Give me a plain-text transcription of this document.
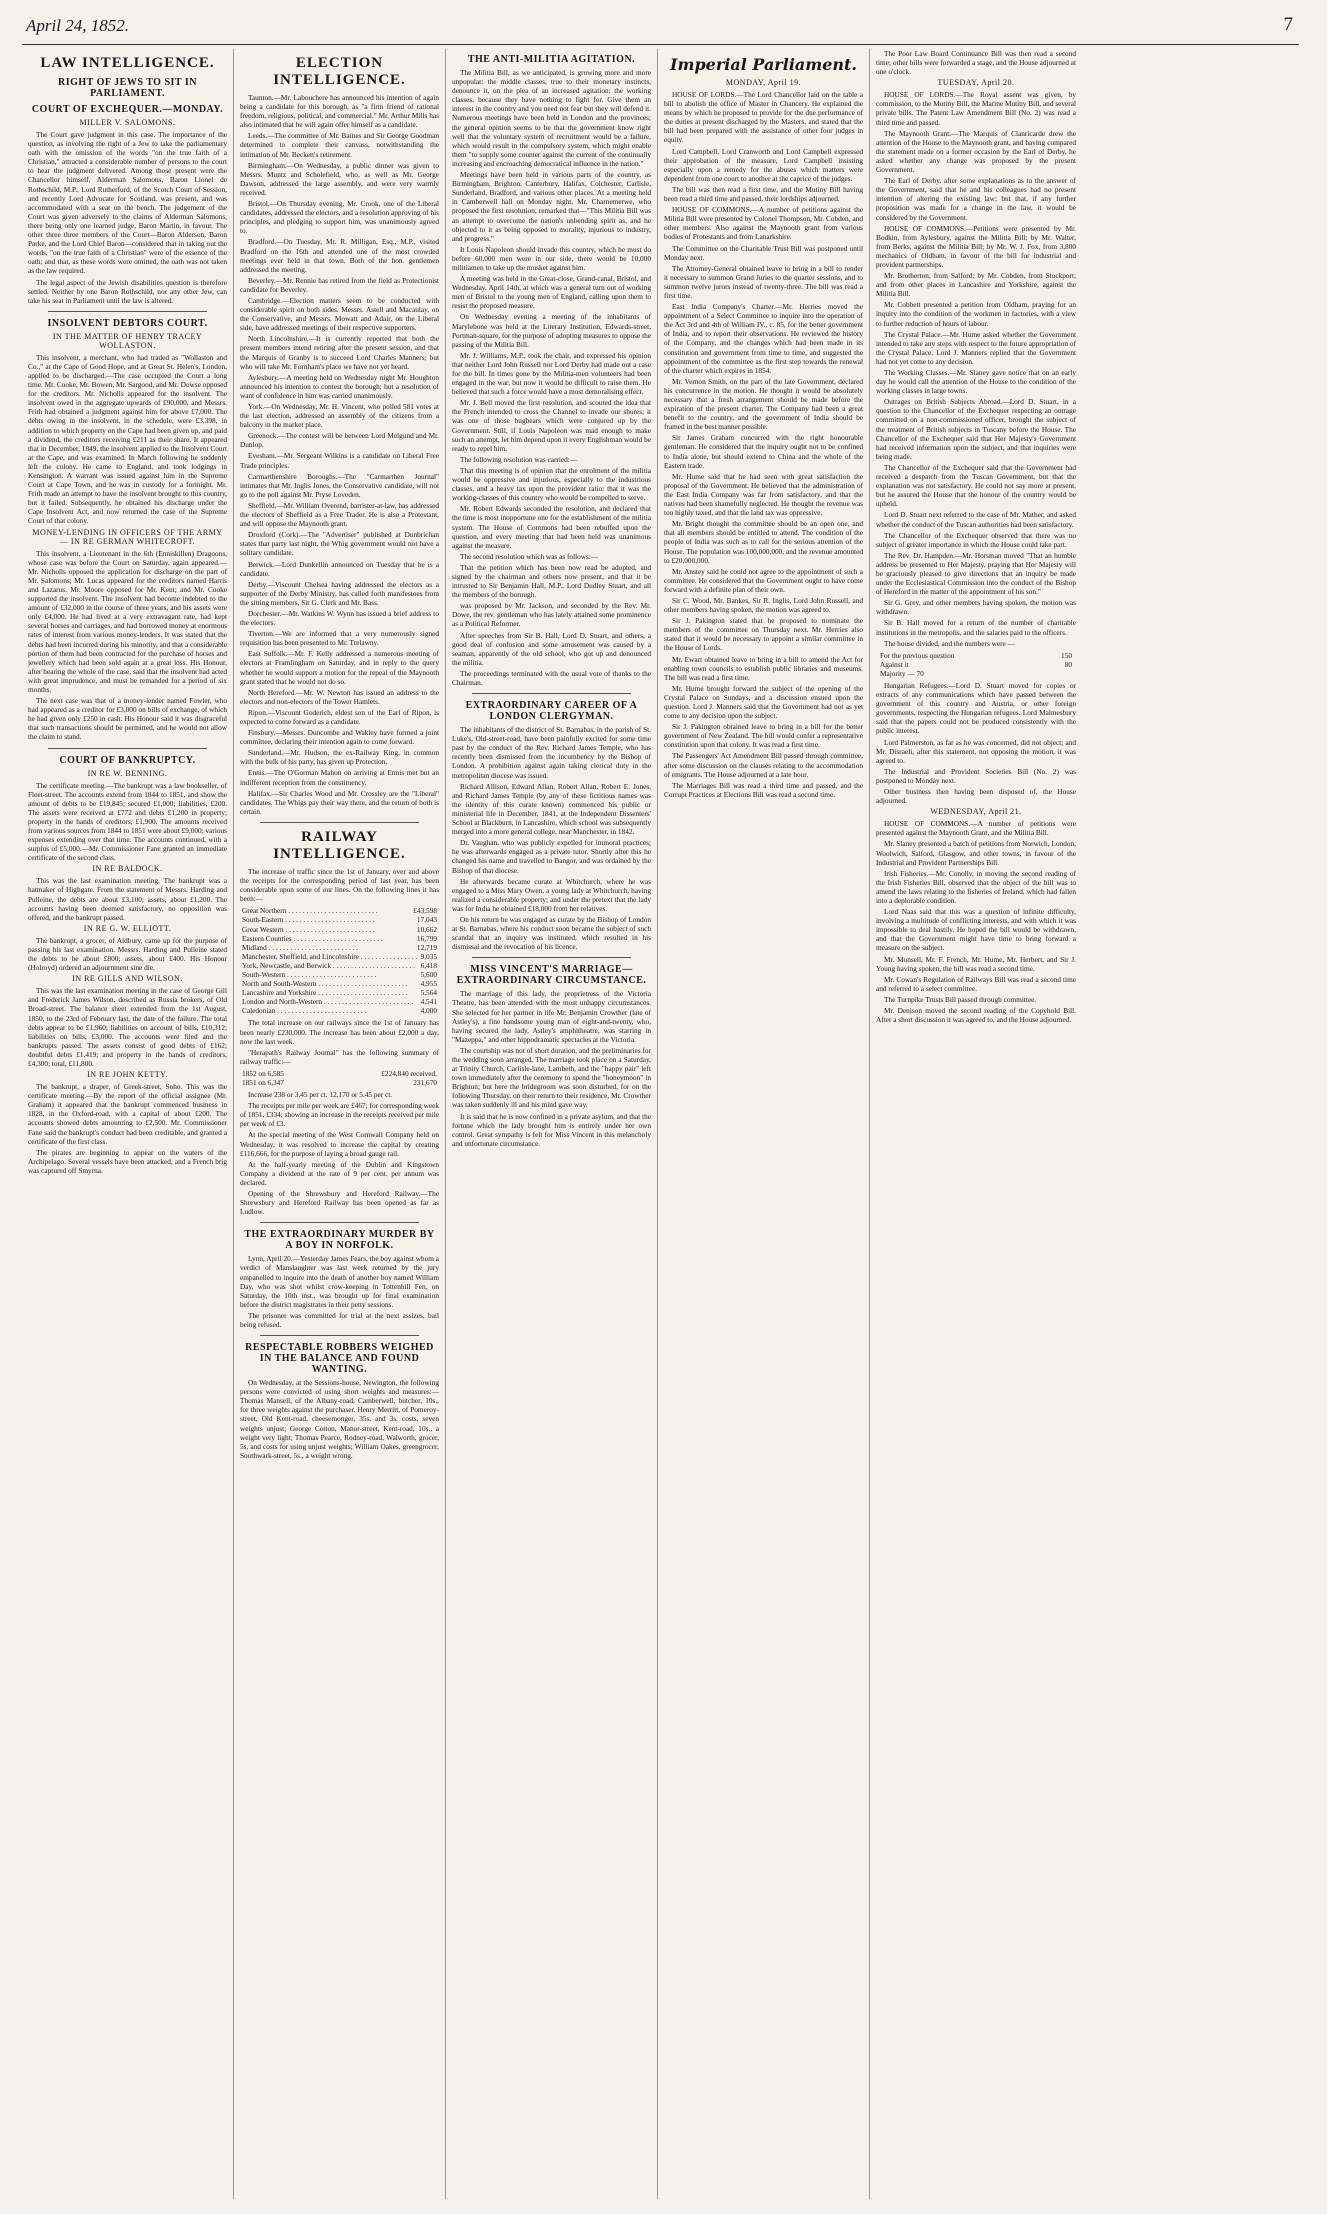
April 24, 1852.	7
LAW INTELLIGENCE.
RIGHT OF JEWS TO SIT IN PARLIAMENT.
COURT OF EXCHEQUER.—MONDAY.
MILLER V. SALOMONS.

The Court gave judgment in this case. The importance of the question, as involving the right of a Jew to take the parliamentary oath with the omission of the words "on the true faith of a Christian," attracted a considerable number of persons to the court to hear the judgment delivered. Among those present were the Chancellor himself, Alderman Salomons, Baron Lionel de Rothschild, M.P., Lord Rutherfurd, of the Scotch Court of Session, and recently Lord Advocate for Scotland, was present, and was accommodated with a seat on the bench. The judgement of the Court was given adversely to the claims of Alderman Salomons, there being only one learned judge, Baron Martin, in favour. The other three three members of the Court—Baron Alderson, Baron Parke, and the Lord Chief Baron—considered that in taking out the words, "on the true faith of a Christian" were of the essence of the oath; and that, as these words were omitted, the oath was not taken as the law required.

The legal aspect of the Jewish disabilities question is therefore settled. Neither by one Baron Rothschild, nor any other Jew, can take his seat in Parliament until the law is altered.

INSOLVENT DEBTORS COURT.
IN THE MATTER OF HENRY TRACEY WOLLASTON.

This insolvent, a merchant, who had traded as "Wollaston and Co.," at the Cape of Good Hope, and at Great St. Helen's, London, applied to be discharged.—The case occupied the Court a long time. Mr. Cooke, Mr. Bowen, Mr. Sargood, and Mr. Dowse opposed for the creditors. Mr. Nicholls appeared for the insolvent. The insolvent owed in the aggregate upwards of £90,000, and Messrs. Frith had obtained a judgment against him for above £7,000. The debts owing in the insolvent, in the schedule, were £3,398, in addition to which property on the Cape had been given up, and paid a dividend, the creditors receiving £211 as their share. It appeared that in December, 1849, the insolvent applied to the Insolvent Court at the Cape, and was examined. In March following he suddenly left the colony. He came to England, and took lodgings in Kensington. A warrant was issued against him in the Supreme Court at Cape Town, and he was in custody for a fortnight. Mr. Frith made an attempt to have the insolvent brought to this country, but it failed. Subsequently, he obtained his discharge under the Cape Insolvent Act, and now returned the case of the Supreme Court of that colony.

MONEY-LENDING IN OFFICERS OF THE ARMY — IN RE GERMAN WHITECROFT.

This insolvent, a Lieutenant in the 6th (Enniskillen) Dragoons, whose case was before the Court on Saturday, again appeared.—Mr. Nicholls opposed the application for discharge on the part of Mr. Salomons; Mr. Lucas appeared for the creditors named Harris and Lazarus. Mr. Moore opposed for Mr. Kent; and Mr. Cooke supported the insolvent. The insolvent had become indebted to the amount of £32,000 in the course of three years, and his assets were only £4,000. He had lived at a very extravagant rate, had kept several horses and carriages, and had borrowed money at enormous rates of interest from various money-lenders. It was stated that the debts had been incurred during his minority, and that a considerable portion of them had been contracted for the purchase of horses and jewellery which had been sold again at a great loss. His Honour, after hearing the whole of the case, said that the insolvent had acted with great imprudence, and must be remanded for a period of six months.

The next case was that of a money-lender named Fowler, who had appeared as a creditor for £3,000 on bills of exchange, of which he had given only £250 in cash. His Honour said it was disgraceful that such transactions should be permitted, and he would not allow the claim to stand.

COURT OF BANKRUPTCY.
IN RE W. BENNING.

The certificate meeting.—The bankrupt was a law bookseller, of Fleet-street. The accounts extend from 1844 to 1851, and show the amount of debts to be £19,845; secured £1,000; liabilities, £200. The assets were received at £772 and debts £1,200 in property; property in the hands of creditors, £1,900. The amounts received from various sources from 1844 to 1851 were about £9,000; various expenses extending over that time. The accounts continued, with a surplus of £5,000.—Mr. Commissioner Fane granted an immediate certificate of the second class.

IN RE BALDOCK.

This was the last examination meeting. The bankrupt was a hatmaker of Highgate. From the statement of Messrs. Harding and Pulleine, the debts are about £3,100; assets, about £1,200. The accounts having been deemed satisfactory, no opposition was offered, and the bankrupt passed.

IN RE G. W. ELLIOTT.

The bankrupt, a grocer, of Aldbury, came up for the purpose of passing his last examination. Messrs. Harding and Pulleine stated the debts to be about £800; assets, about £400. His Honour (Holroyd) ordered an adjournment sine die.

IN RE GILLS AND WILSON.

This was the last examination meeting in the case of George Gill and Frederick James Wilson, described as Russia brokers, of Old Broad-street. The balance sheet extended from the 1st August, 1850, to the 23rd of February last, the date of the failure. The total debts appear to be £1,960; liabilities on account of bills, £10,312; liabilities on bills, £3,000. The accounts were filed and the bankrupts passed. The assets consist of good debts of £162; doubtful debts £1,419; and property in the hands of creditors, £4,300; total, £11,800.

IN RE JOHN KETTY.

The bankrupt, a draper, of Greek-street, Soho. This was the certificate meeting.—By the report of the official assignee (Mr. Graham) it appeared that the bankrupt commenced business in 1828, in the Oxford-road, with a capital of about £200. The accounts showed debts amounting to £2,500. Mr. Commissioner Fane said the bankrupt's conduct had been creditable, and granted a certificate of the first class.

The pirates are beginning to appear on the waters of the Archipelago. Several vessels have been attacked, and a French brig was captured off Smyrna.

ELECTION INTELLIGENCE.

Taunton.—Mr. Labouchere has announced his intention of again being a candidate for this borough, as "a firm friend of rational freedom, religious, political, and commercial." Mr. Arthur Mills has also intimated that he will again offer himself as a candidate.

Leeds.—The committee of Mr. Baines and Sir George Goodman determined to complete their canvass, notwithstanding the intimation of Mr. Beckett's retirement.

Birmingham.—On Wednesday, a public dinner was given to Messrs. Muntz and Scholefield, who, as well as Mr. George Dawson, addressed the large assembly, and were very warmly received.

Bristol.—On Thursday evening, Mr. Crook, one of the Liberal candidates, addressed the electors, and a resolution approving of his principles, and pledging to support him, was unanimously agreed to.

Bradford.—On Tuesday, Mr. R. Milligan, Esq., M.P., visited Bradford on the 16th and attended one of the most crowded meetings ever held in that town. Both of the hon. gentlemen addressed the meeting.

Beverley.—Mr. Rennie has retired from the field as Protectionist candidate for Beverley.

Cambridge.—Election matters seem to be conducted with considerable spirit on both sides. Messrs. Astell and Macaulay, on the Conservative, and Messrs. Mowatt and Adair, on the Liberal side, have addressed meetings of their respective supporters.

North Lincolnshire.—It is currently reported that both the present members intend retiring after the present session, and that the Marquis of Granby is to succeed Lord Charles Manners; but who will take Mr. Fornham's place we have not yet heard.

Aylesbury.—A meeting held on Wednesday night Mr. Houghton announced his intention to contest the borough; but a resolution of want of confidence in him was carried unanimously.

York.—On Wednesday, Mr. H. Vincent, who polled 581 votes at the last election, addressed an assembly of the citizens from a balcony in the market place.

Greenock.—The contest will be between Lord Melgund and Mr. Dunlop.

Evesham.—Mr. Sergeant Wilkins is a candidate on Liberal Free Trade principles.

Carmarthenshire Boroughs.—The "Carmarthen Journal" intimates that Mr. Inglis Jones, the Conservative candidate, will not go to the poll against Mr. Pryse Loveden.

Sheffield.—Mr. William Overend, barrister-at-law, has addressed the electors of Sheffield as a Free Trader. He is also a Protestant, and will oppose the Maynooth grant.

Droxford (Cork).—The "Advertiser" published at Dunbrichan states that party last night, the Whig government would not have a solitary candidate.

Berwick.—Lord Dunkellin announced on Tuesday that he is a candidate.

Derby.—Viscount Chelsea having addressed the electors as a supporter of the Derby Ministry, has called forth manifestoes from the sitting members, Sir G. Clerk and Mr. Bass.

Dorchester.—Mr. Watkins W. Wynn has issued a brief address to the electors.

Tiverton.—We are informed that a very numerously signed requisition has been presented to Mr. Trelawny.

East Suffolk.—Mr. F. Kelly addressed a numerous meeting of electors at Framlingham on Saturday, and in reply to the query whether he would support a motion for the repeal of the Maynooth grant stated that he would not do so.

North Hereford.—Mr. W. Newton has issued an address to the electors and non-electors of the Tower Hamlets.

Ripon.—Viscount Goderich, eldest son of the Earl of Ripon, is expected to come forward as a candidate.

Finsbury.—Messrs. Duncombe and Wakley have formed a joint committee, declaring their intention again to come forward.

Sunderland.—Mr. Hudson, the ex-Railway King, in common with the bulk of his party, has given up Protection.

Ennis.—The O'Gorman Mahon on arriving at Ennis met but an indifferent reception from the constituency.

Halifax.—Sir Charles Wood and Mr. Crossley are the "Liberal" candidates. The Whigs pay their way there, and the return of both is certain.

RAILWAY INTELLIGENCE.

The increase of traffic since the 1st of January, over and above the receipts for the corresponding period of last year, has been considerable upon some of our lines. On the following lines it has been:—

Great Northern . . .	£43,598
South-Eastern . . .	17,043
Great Western . . .	10,662
Eastern Counties . . .	16,799
Midland . . .	12,719
Manchester, Sheffield, and Lincolnshire . . .	9,035
York, Newcastle, and Berwick . . .	6,418
South-Western . . .	5,600
North and South-Western . . .	4,955
Lancashire and Yorkshire . . .	5,564
London and North-Western . . .	4,541
Caledonian . . .	4,000

The total increase on our railways since the 1st of January has been nearly £230,000. The increase has been about £2,000 a day, now the last week.

"Herapath's Railway Journal" has the following summary of railway traffic:—

1852 on 6,585	£224,840 received.
1851 on 6,347	231,670

Increase 238 or 3.45 per ct. 12,170 or 5.45 per ct.

The receipts per mile per week are £467; for corresponding week of 1851, £334; showing an increase in the receipts received per mile per week of £3.

At the special meeting of the West Cornwall Company held on Wednesday, it was resolved to increase the capital by creating £116,666, for the purpose of laying a broad gauge rail.

At the half-yearly meeting of the Dublin and Kingstown Company a dividend at the rate of 9 per cent. per annum was declared.

Opening of the Shrewsbury and Hereford Railway.—The Shrewsbury and Hereford Railway has been opened as far as Ludlow.

THE EXTRAORDINARY MURDER BY A BOY IN NORFOLK.

Lynn, April 20.—Yesterday James Fears, the boy against whom a verdict of Manslaughter was last week returned by the jury empanelled to inquire into the death of another boy named William Day, who was shot whilst crow-keeping in Tottenhill Fen, on Saturday, the 10th inst., was brought up for final examination before the district magistrates in their petty sessions.

The prisoner was committed for trial at the next assizes, bail being refused.

RESPECTABLE ROBBERS WEIGHED IN THE BALANCE AND FOUND WANTING.

On Wednesday, at the Sessions-house, Newington, the following persons were convicted of using short weights and measures:—Thomas Mansell, of the Albany-road, Camberwell, butcher, 10s., for three weights against the purchaser. Henry Merritt, of Pomeroy-street, Old Kent-road, cheesemonger, 35s. and 3s. costs, seven weights unjust; George Cotton, Manor-street, Kent-road, 10s., a weight very light; Thomas Pearce, Rodney-road, Walworth, grocer, 5s. and costs for using unjust weights; William Oakes, greengrocer, Southwark-street, 5s., a weight wrong.

THE ANTI-MILITIA AGITATION.

The Militia Bill, as we anticipated, is growing more and more unpopular: the middle classes, true to their monetary instincts, denounce it, on the plea of an increased agitation; the working classes, because they have nothing to fight for. Give them an interest in the country and you need not fear but they will defend it. Numerous meetings have been held in London and the provinces; the general opinion seems to be that the government know right well that the voluntary system of recruitment would be a failure, which would result in the compulsory system, which might enable them "to supply some counter against the current of the continually increasing and encroaching democratical influence in the nation."

Meetings have been held in various parts of the country, as Birmingham, Brighton, Canterbury, Halifax, Colchester, Carlisle, Sunderland, Bradford, and various other places. At a meeting held in Camberwell hall on Monday night, Mr. Charnemerwe, who proposed the first resolution, remarked that—"This Militia Bill was an attempt to overcome the nation's unbending spirit as, and he objected to it as being opposed to morality, injurious to industry, and progress."

It Louis Napoleon should invade this country, which he must do before 60,000 men were in our side, there would be 10,000 militiamen to take up the musket against him.

A meeting was held in the Great-close, Grand-canal, Bristol, and Wednesday, April 14th, at which was a general turn out of working men of Bristol to the young men of England, calling upon them to resist the proposed measure.

On Wednesday evening a meeting of the inhabitants of Marylebone was held at the Literary Institution, Edwards-street, Portman-square, for the purpose of adopting measures to oppose the passing of the Militia Bill.

Mr. J. Williams, M.P., took the chair, and expressed his opinion that neither Lord John Russell nor Lord Derby had made out a case for the bill. In times gone by the Militia-men volunteers had been engaged in the war, but now it would be difficult to raise them. He believed that such a force would have a most demoralising effect.

Mr. J. Bell moved the first resolution, and scouted the idea that the French intended to cross the Channel to invade our shores; it was one of those bugbears which were conjured up by the Government. Still, if Louis Napoleon was mad enough to make such an attempt, let him depend upon it every Englishman would be ready to repel him.

The following resolution was carried:—

That this meeting is of opinion that the enrolment of the militia would be oppressive and injurious, especially to the industrious classes, and a heavy tax upon the provident ratio: that it was the working-classes of this country who would be compelled to serve.

Mr. Robert Edwards seconded the resolution, and declared that the time is most inopportune one for the establishment of the militia system. The House of Commons had been rebuffed upon the question, and every meeting that had been held was unanimous against the measure.

The second resolution which was as follows:—

That the petition which has been now read be adopted, and signed by the chairman and others now present, and that it be intrusted to Sir Benjamin Hall, M.P., Lord Dudley Stuart, and all the members of the borough.

was proposed by Mr. Jackson, and seconded by the Rev. Mr. Dowe, the rev. gentleman who has lately attained some prominence as a Political Reformer.

After speeches from Sir B. Hall, Lord D. Stuart, and others, a good deal of confusion and some amusement was caused by a seaman, apparently of the old school, who got up and denounced the militia.

The proceedings terminated with the usual vote of thanks to the Chairman.

EXTRAORDINARY CAREER OF A LONDON CLERGYMAN.

The inhabitants of the district of St. Barnabas, in the parish of St. Luke's, Old-street-road, have been painfully excited for some time past by the conduct of the Rev. Richard James Temple, who has recently been dismissed from the incumbency by the Bishop of London. A prohibition against again taking clerical duty in the metropolitan diocese was issued.

Richard Allison, Edward Allan, Robert Allan, Robert E. Jones, and Richard James Temple (by any of these fictitious names was the identity of this curate known) commenced his public or ministerial life in December, 1841, at the Independent Dissenters' School at Blackburn, in Lancashire, which school was subsequently merged into a more general college, near Manchester, in 1842.

Dr. Vaughan, who was publicly expelled for immoral practices; he was afterwards engaged as a private tutor. Shortly after this he changed his name and travelled to Bangor, and was ordained by the Bishop of that diocese.

He afterwards became curate at Whitchurch, where he was engaged to a Miss Mary Owen, a young lady at Whitchurch, having realized a considerable property; and under the pretext that the lady was for India he obtained £18,000 from her relatives.

On his return he was engaged as curate by the Bishop of London at St. Barnabas, where his conduct soon became the subject of such scandal that an inquiry was instituted, which resulted in his dismissal and the revocation of his licence.

MISS VINCENT'S MARRIAGE—EXTRAORDINARY CIRCUMSTANCE.

The marriage of this lady, the proprietress of the Victoria Theatre, has been attended with the most unhappy circumstances. She selected for her partner in life Mr. Benjamin Crowther (late of Astley's), a fine handsome young man of eight-and-twenty, who, having secured the lady, Astley's amphitheatre, was starring in "Mazeppa," and other hippodramatic spectacles at the Victoria.

The courtship was not of short duration, and the preliminaries for the wedding soon arranged. The marriage took place on a Saturday, at Trinity Church, Carlisle-lane, Lambeth, and the "happy pair" left town immediately after the ceremony to spend the "honeymoon" in Brighton; but here the bridegroom was soon disturbed, for on the following Thursday, on their return to their residence, Mr. Crowther was taken suddenly ill and his mind gave way.

It is said that he is now confined in a private asylum, and that the fortune which the lady brought him is entirely under her own control. Great sympathy is felt for Miss Vincent in this melancholy and unfortunate circumstance.

Imperial Parliament.
MONDAY, April 19.

HOUSE OF LORDS.—The Lord Chancellor laid on the table a bill to abolish the office of Master in Chancery. He explained the means by which he proposed to provide for the due performance of the duties at present discharged by the Masters, and stated that the bill had been prepared with the assistance of other four judges in equity.

Lord Campbell, Lord Cranworth and Lord Campbell expressed their approbation of the measure, Lord Campbell insisting especially upon a remedy for the abuses which matters were dependent from one court to another at the caprice of the judges.

The bill was then read a first time, and the Mutiny Bill having been read a third time and passed, their lordships adjourned.

HOUSE OF COMMONS.—A number of petitions against the Militia Bill were presented by Colonel Thompson, Mr. Cobden, and other members. Also against the Maynooth grant from various bodies of Protestants and from Lanarkshire.

The Committee on the Charitable Trust Bill was postponed until Monday next.

The Attorney-General obtained leave to bring in a bill to render it necessary to summon Grand Juries to the quarter sessions, and to summon twelve jurors instead of twenty-three. The bill was read a first time.

East India Company's Charter.—Mr. Herries moved the appointment of a Select Committee to inquire into the operation of the Act 3rd and 4th of William IV., c. 85, for the better government of India, and to report their observations. He reviewed the history of the Company, and the changes which had been made in its constitution and government from time to time, and suggested the appointment of the committee as the first step towards the renewal of the charter which expires in 1854.

Mr. Vernon Smith, on the part of the late Government, declared his concurrence in the motion. He thought it would be absolutely necessary that a fresh arrangement should be made before the expiration of the present charter. The Company had been a great benefit to the country, and the government of India should be framed in the best manner possible.

Sir James Graham concurred with the right honourable gentleman. He considered that the inquiry ought not to be confined to India alone, but should extend to China and the whole of the Eastern trade.

Mr. Hume said that he had seen with great satisfaction the proposal of the Government. He believed that the administration of the East India Company was far from satisfactory, and that the natives had been shamefully neglected. He thought the revenue was too highly taxed, and that the land tax was oppressive.

Mr. Bright thought the committee should be an open one, and that all members should be entitled to attend. The condition of the people of India was such as to call for the serious attention of the House. The population was 100,000,000, and the revenue amounted to £20,000,000.

Mr. Anstey said he could not agree to the appointment of such a committee. He considered that the Government ought to have come forward with a definite plan of their own.

Sir C. Wood, Mr. Bankes, Sir R. Inglis, Lord John Russell, and other members having spoken, the motion was agreed to.

Sir J. Pakington stated that he proposed to nominate the members of the committee on Thursday next. Mr. Herries also stated that it would be necessary to appoint a similar committee in the House of Lords.

Mr. Ewart obtained leave to bring in a bill to amend the Act for enabling town councils to establish public libraries and museums. The bill was read a first time.

Mr. Hume brought forward the subject of the opening of the Crystal Palace on Sundays, and a discussion ensued upon the question. Lord J. Manners said that the Government had not as yet come to any decision upon the subject.

Sir J. Pakington obtained leave to bring in a bill for the better government of New Zealand. The bill would confer a representative constitution upon that colony. It was read a first time.

The Passengers' Act Amendment Bill passed through committee, after some discussion on the clauses relating to the accommodation of emigrants. The House adjourned at a late hour.

The Marriages Bill was read a third time and passed, and the Corrupt Practices at Elections Bill was read a second time.

The Poor Law Board Continuance Bill was then read a second time; other bills were forwarded a stage, and the House adjourned at one o'clock.

TUESDAY, April 20.

HOUSE OF LORDS.—The Royal assent was given, by commission, to the Mutiny Bill, the Marine Mutiny Bill, and several private bills. The Patent Law Amendment Bill (No. 2) was read a third time and passed.

The Maynooth Grant.—The Marquis of Clanricarde drew the attention of the House to the Maynooth grant, and having compared the statement made on a former occasion by the Earl of Derby, he asked whether any change was proposed by the present Government.

The Earl of Derby, after some explanations as to the answer of the Government, said that he and his colleagues had no present intention of altering the existing law; but that, if any further proposition was made for a change in the law, it would be considered by the Government.

HOUSE OF COMMONS.—Petitions were presented by Mr. Bodkin, from Aylesbury, against the Militia Bill; by Mr. Walter, from Berks, against the Militia Bill; by Mr. W. J. Fox, from 3,800 mechanics of Oldham, in favour of the bill for industrial and provident partnerships.

Mr. Brotherton, from Salford; by Mr. Cobden, from Stockport; and from other places in Lancashire and Yorkshire, against the Militia Bill.

Mr. Cobbett presented a petition from Oldham, praying for an inquiry into the condition of the workmen in factories, with a view to further reduction of hours of labour.

The Crystal Palace.—Mr. Hume asked whether the Government intended to take any steps with respect to the future appropriation of the Crystal Palace. Lord J. Manners replied that the Government had not yet come to any decision.

The Working Classes.—Mr. Slaney gave notice that on an early day he would call the attention of the House to the condition of the working classes in large towns.

Outrages on British Subjects Abroad.—Lord D. Stuart, in a question to the Chancellor of the Exchequer respecting an outrage committed on a non-commissioned officer, brought the subject of the treatment of British subjects in Tuscany before the House. The Chancellor of the Exchequer said that Her Majesty's Government had received information upon the subject, and that inquiries were being made.

The Chancellor of the Exchequer said that the Government had received a despatch from the Tuscan Government, but that the explanation was not satisfactory. He could not say more at present, but he assured the House that the honour of the country would be upheld.

Lord D. Stuart next referred to the case of Mr. Mather, and asked whether the conduct of the Tuscan authorities had been satisfactory.

The Chancellor of the Exchequer observed that there was no subject of greater importance in which the House could take part.

The Rev. Dr. Hampden.—Mr. Horsman moved "That an humble address be presented to Her Majesty, praying that Her Majesty will be graciously pleased to give directions that an inquiry be made under the Ecclesiastical Commission into the conduct of the Bishop of Hereford in the matter of the appointment of his son."

Sir G. Grey, and other members having spoken, the motion was withdrawn.

Sir B. Hall moved for a return of the number of charitable institutions in the metropolis, and the salaries paid to the officers.

The house divided, and the numbers were —

For the previous question	150
Against it	80
Majority — 70

Hungarian Refugees.—Lord D. Stuart moved for copies or extracts of any communications which have passed between the government of this country and Austria, or other foreign governments, respecting the Hungarian refugees. Lord Malmesbury said that the papers could not be produced consistently with the public interest.

Lord Palmerston, as far as he was concerned, did not object; and Mr. Disraeli, after this statement, not opposing the motion, it was agreed to.

The Industrial and Provident Societies Bill (No. 2) was postponed to Monday next.

Other business then having been disposed of, the House adjourned.

WEDNESDAY, April 21.

HOUSE OF COMMONS.—A number of petitions were presented against the Maynooth Grant, and the Militia Bill.

Mr. Slaney presented a batch of petitions from Norwich, London, Woolwich, Salford, Glasgow, and other towns, in favour of the Industrial and Provident Partnerships Bill.

Irish Fisheries.—Mr. Conolly, in moving the second reading of the Irish Fisheries Bill, observed that the object of the bill was to amend the laws relating to the fisheries of Ireland, which had fallen into a deplorable condition.

Lord Naas said that this was a question of infinite difficulty, involving a multitude of conflicting interests, and with which it was impossible to deal hastily. He hoped the bill would be withdrawn, and that the Government might have time to bring forward a measure on the subject.

Mr. Monsell, Mr. F. French, Mr. Hume, Mr. Herbert, and Sir J. Young having spoken, the bill was read a second time.

Mr. Cowan's Regulation of Railways Bill was read a second time and referred to a select committee.

The Turnpike Trusts Bill passed through committee.

Mr. Denison moved the second reading of the Copyhold Bill. After a short discussion it was agreed to, and the House adjourned.
